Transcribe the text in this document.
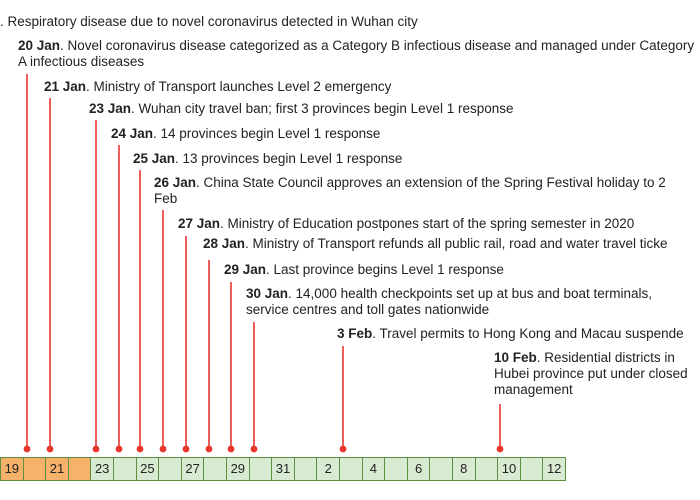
. Respiratory disease due to novel coronavirus detected in Wuhan city
20 Jan. Novel coronavirus disease categorized as a Category B infectious disease and managed under Category A infectious diseases
21 Jan. Ministry of Transport launches Level 2 emergency
23 Jan. Wuhan city travel ban; first 3 provinces begin Level 1 response
24 Jan. 14 provinces begin Level 1 response
25 Jan. 13 provinces begin Level 1 response
26 Jan. China State Council approves an extension of the Spring Festival holiday to 2 Feb
27 Jan. Ministry of Education postpones start of the spring semester in 2020
28 Jan. Ministry of Transport refunds all public rail, road and water travel ticke
29 Jan. Last province begins Level 1 response
30 Jan. 14,000 health checkpoints set up at bus and boat terminals, service centres and toll gates nationwide
3 Feb. Travel permits to Hong Kong and Macau suspende
10 Feb. Residential districts in Hubei province put under closed management
19	21	23	25	27	29	31	2	4	6	8	10	12
